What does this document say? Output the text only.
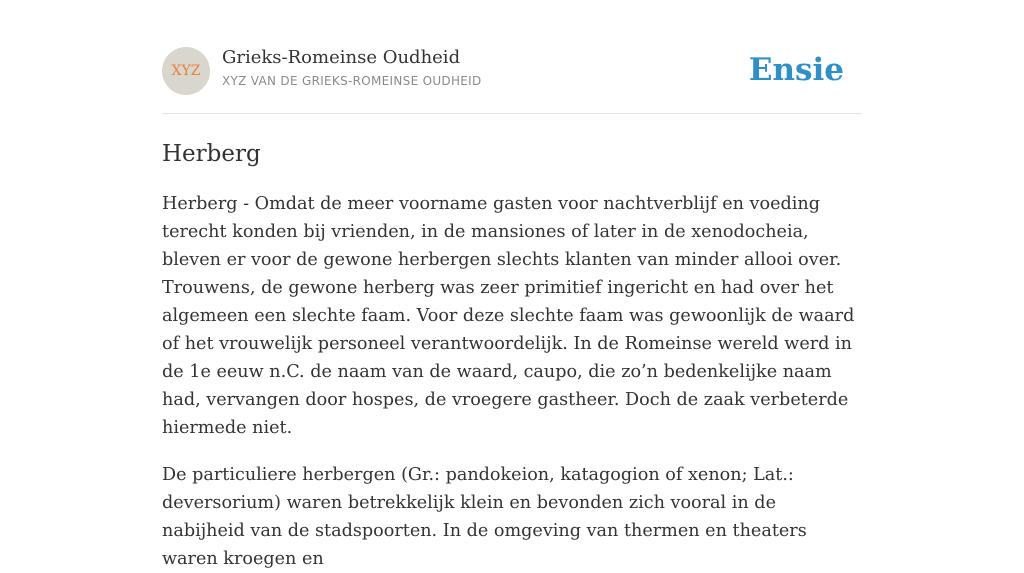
XYZ
Grieks-Romeinse Oudheid
XYZ VAN DE GRIEKS-ROMEINSE OUDHEID	Ensie
Herberg

Herberg - Omdat de meer voorname gasten voor nachtverblijf en voeding terecht konden bij vrienden, in de mansiones of later in de xenodocheia, bleven er voor de gewone herbergen slechts klanten van minder allooi over. Trouwens, de gewone herberg was zeer primitief ingericht en had over het algemeen een slechte faam. Voor deze slechte faam was gewoonlijk de waard of het vrouwelijk personeel verantwoordelijk. In de Romeinse wereld werd in de 1e eeuw n.C. de naam van de waard, caupo, die zo’n bedenkelijke naam had, vervangen door hospes, de vroegere gastheer. Doch de zaak verbeterde hiermede niet.

De particuliere herbergen (Gr.: pandokeion, katagogion of xenon; Lat.: deversorium) waren betrekkelijk klein en bevonden zich vooral in de nabijheid van de stadspoorten. In de omgeving van thermen en theaters waren kroegen en
